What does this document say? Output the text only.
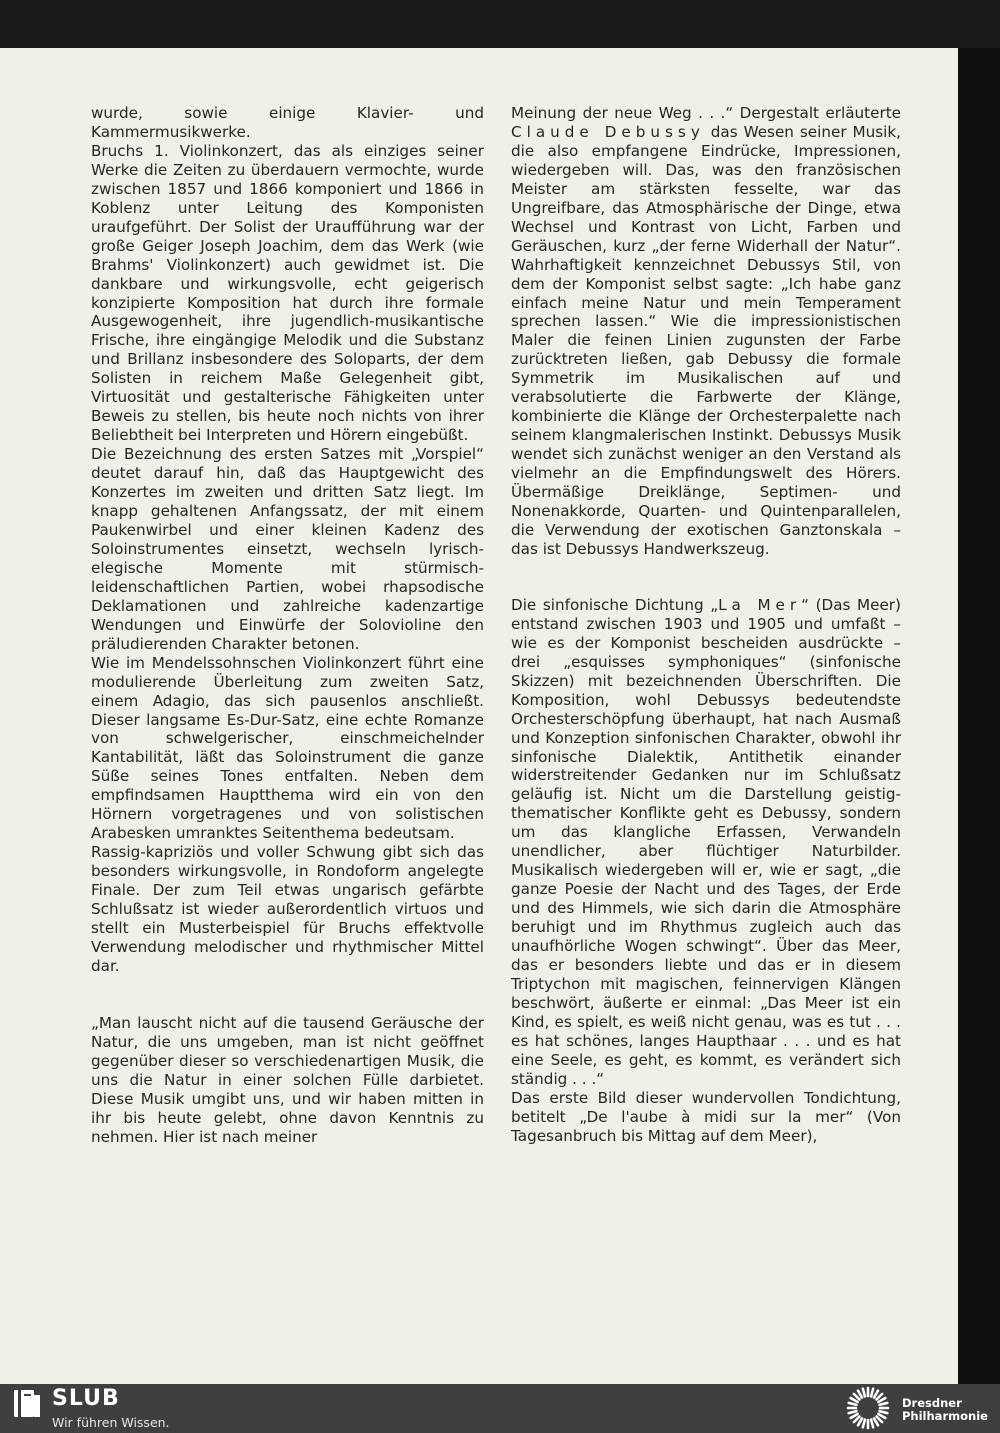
wurde, sowie einige Klavier- und Kammermusikwerke.

Bruchs 1. Violinkonzert, das als einziges seiner Werke die Zeiten zu überdauern vermochte, wurde zwischen 1857 und 1866 komponiert und 1866 in Koblenz unter Leitung des Komponisten uraufgeführt. Der Solist der Uraufführung war der große Geiger Joseph Joachim, dem das Werk (wie Brahms' Violinkonzert) auch gewidmet ist. Die dankbare und wirkungsvolle, echt geigerisch konzipierte Komposition hat durch ihre formale Ausgewogenheit, ihre jugendlich-musikantische Frische, ihre eingängige Melodik und die Substanz und Brillanz insbesondere des Soloparts, der dem Solisten in reichem Maße Gelegenheit gibt, Virtuosität und gestalterische Fähigkeiten unter Beweis zu stellen, bis heute noch nichts von ihrer Beliebtheit bei Interpreten und Hörern eingebüßt.

Die Bezeichnung des ersten Satzes mit „Vorspiel“ deutet darauf hin, daß das Hauptgewicht des Konzertes im zweiten und dritten Satz liegt. Im knapp gehaltenen Anfangssatz, der mit einem Paukenwirbel und einer kleinen Kadenz des Soloinstrumentes einsetzt, wechseln lyrisch-elegische Momente mit stürmisch-leidenschaftlichen Partien, wobei rhapsodische Deklamationen und zahlreiche kadenzartige Wendungen und Einwürfe der Solovioline den präludierenden Charakter betonen.

Wie im Mendelssohnschen Violinkonzert führt eine modulierende Überleitung zum zweiten Satz, einem Adagio, das sich pausenlos anschließt. Dieser langsame Es-Dur-Satz, eine echte Romanze von schwelgerischer, einschmeichelnder Kantabilität, läßt das Soloinstrument die ganze Süße seines Tones entfalten. Neben dem empfindsamen Hauptthema wird ein von den Hörnern vorgetragenes und von solistischen Arabesken umranktes Seitenthema bedeutsam.

Rassig-kapriziös und voller Schwung gibt sich das besonders wirkungsvolle, in Rondoform angelegte Finale. Der zum Teil etwas ungarisch gefärbte Schlußsatz ist wieder außerordentlich virtuos und stellt ein Musterbeispiel für Bruchs effektvolle Verwendung melodischer und rhythmischer Mittel dar.

„Man lauscht nicht auf die tausend Geräusche der Natur, die uns umgeben, man ist nicht geöffnet gegenüber dieser so verschiedenartigen Musik, die uns die Natur in einer solchen Fülle darbietet. Diese Musik umgibt uns, und wir haben mitten in ihr bis heute gelebt, ohne davon Kenntnis zu nehmen. Hier ist nach meiner

Meinung der neue Weg . . .“ Dergestalt erläuterte Claude Debussy das Wesen seiner Musik, die also empfangene Eindrücke, Impressionen, wiedergeben will. Das, was den französischen Meister am stärksten fesselte, war das Ungreifbare, das Atmosphärische der Dinge, etwa Wechsel und Kontrast von Licht, Farben und Geräuschen, kurz „der ferne Widerhall der Natur“. Wahrhaftigkeit kennzeichnet Debussys Stil, von dem der Komponist selbst sagte: „Ich habe ganz einfach meine Natur und mein Temperament sprechen lassen.“ Wie die impressionistischen Maler die feinen Linien zugunsten der Farbe zurücktreten ließen, gab Debussy die formale Symmetrik im Musikalischen auf und verabsolutierte die Farbwerte der Klänge, kombinierte die Klänge der Orchesterpalette nach seinem klangmalerischen Instinkt. Debussys Musik wendet sich zunächst weniger an den Verstand als vielmehr an die Empfindungswelt des Hörers. Übermäßige Dreiklänge, Septimen- und Nonenakkorde, Quarten- und Quintenparallelen, die Verwendung der exotischen Ganztonskala – das ist Debussys Handwerkszeug.

Die sinfonische Dichtung „La Mer“ (Das Meer) entstand zwischen 1903 und 1905 und umfaßt – wie es der Komponist bescheiden ausdrückte – drei „esquisses symphoniques“ (sinfonische Skizzen) mit bezeichnenden Überschriften. Die Komposition, wohl Debussys bedeutendste Orchesterschöpfung überhaupt, hat nach Ausmaß und Konzeption sinfonischen Charakter, obwohl ihr sinfonische Dialektik, Antithetik einander widerstreitender Gedanken nur im Schlußsatz geläufig ist. Nicht um die Darstellung geistig-thematischer Konflikte geht es Debussy, sondern um das klangliche Erfassen, Verwandeln unendlicher, aber flüchtiger Naturbilder. Musikalisch wiedergeben will er, wie er sagt, „die ganze Poesie der Nacht und des Tages, der Erde und des Himmels, wie sich darin die Atmosphäre beruhigt und im Rhythmus zugleich auch das unaufhörliche Wogen schwingt“. Über das Meer, das er besonders liebte und das er in diesem Triptychon mit magischen, feinnervigen Klängen beschwört, äußerte er einmal: „Das Meer ist ein Kind, es spielt, es weiß nicht genau, was es tut . . . es hat schönes, langes Haupthaar . . . und es hat eine Seele, es geht, es kommt, es verändert sich ständig . . .“

Das erste Bild dieser wundervollen Tondichtung, betitelt „De l'aube à midi sur la mer“ (Von Tagesanbruch bis Mittag auf dem Meer),

SLUB
Wir führen Wissen.
Dresdner
Philharmonie
